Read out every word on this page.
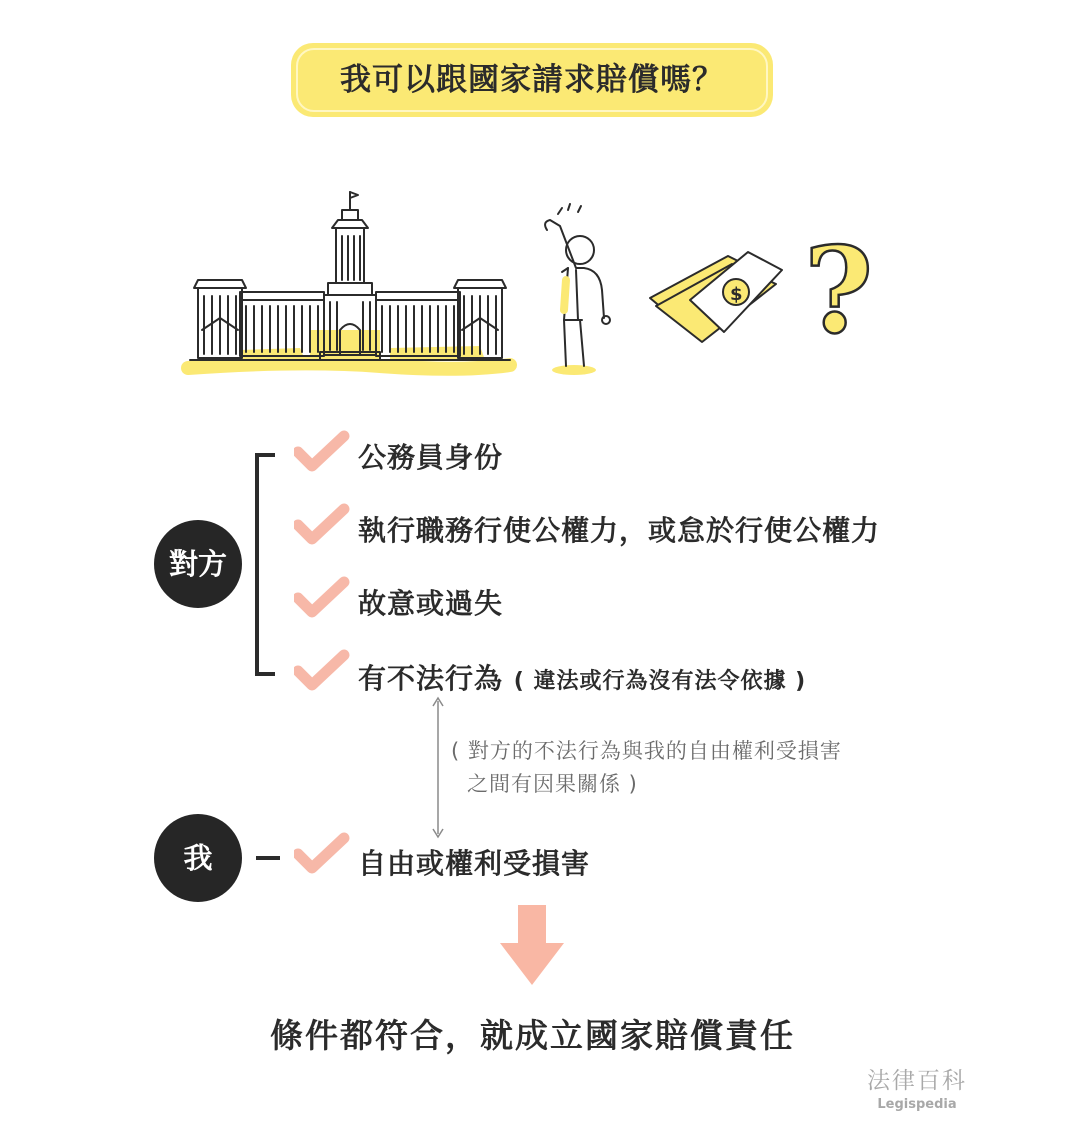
我可以跟國家請求賠償嗎？
$ ?
對方
我
公務員身份
執行職務行使公權力，或怠於行使公權力
故意或過失
有不法行為 ( 違法或行為沒有法令依據 )
自由或權利受損害
( 對方的不法行為與我的自由權利受損害
之間有因果關係 )
條件都符合，就成立國家賠償責任
法律百科
Legispedia
